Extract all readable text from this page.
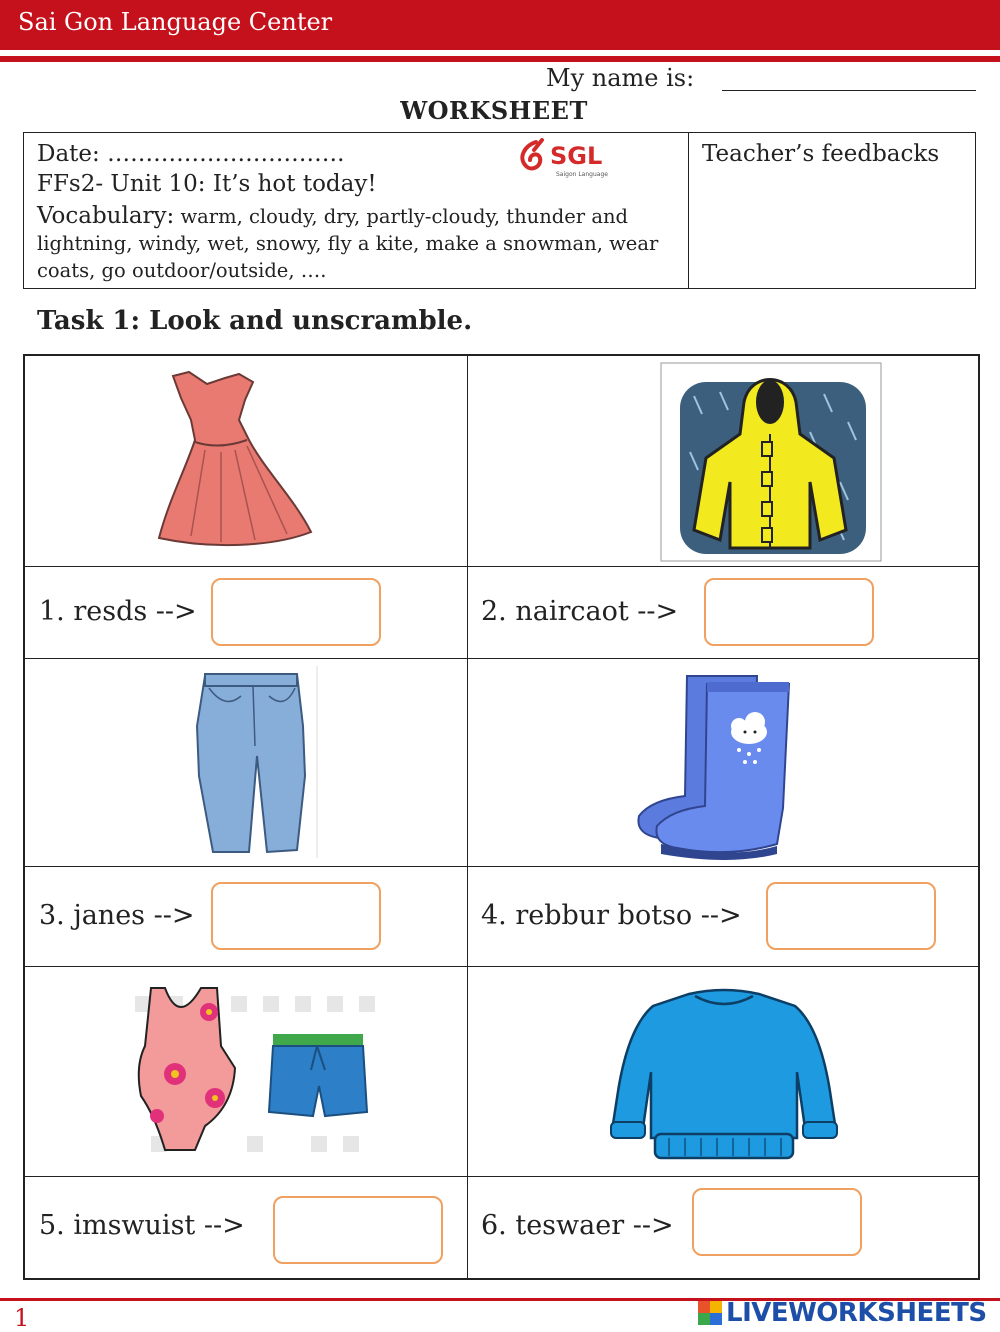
Sai Gon Language Center
My name is:
WORKSHEET
Date: ………………………….	SGL
Saigon Language
FFs2- Unit 10: It’s hot today!
Vocabulary: warm, cloudy, dry, partly-cloudy, thunder and lightning, windy, wet, snowy, fly a kite, make a snowman, wear coats, go outdoor/outside, ….
Teacher’s feedbacks
Task 1: Look and unscramble.
1. resds -->	2. naircaot -->
3. janes -->	4. rebbur botso -->
5. imswuist -->	6. teswaer -->
1	LIVEWORKSHEETS
